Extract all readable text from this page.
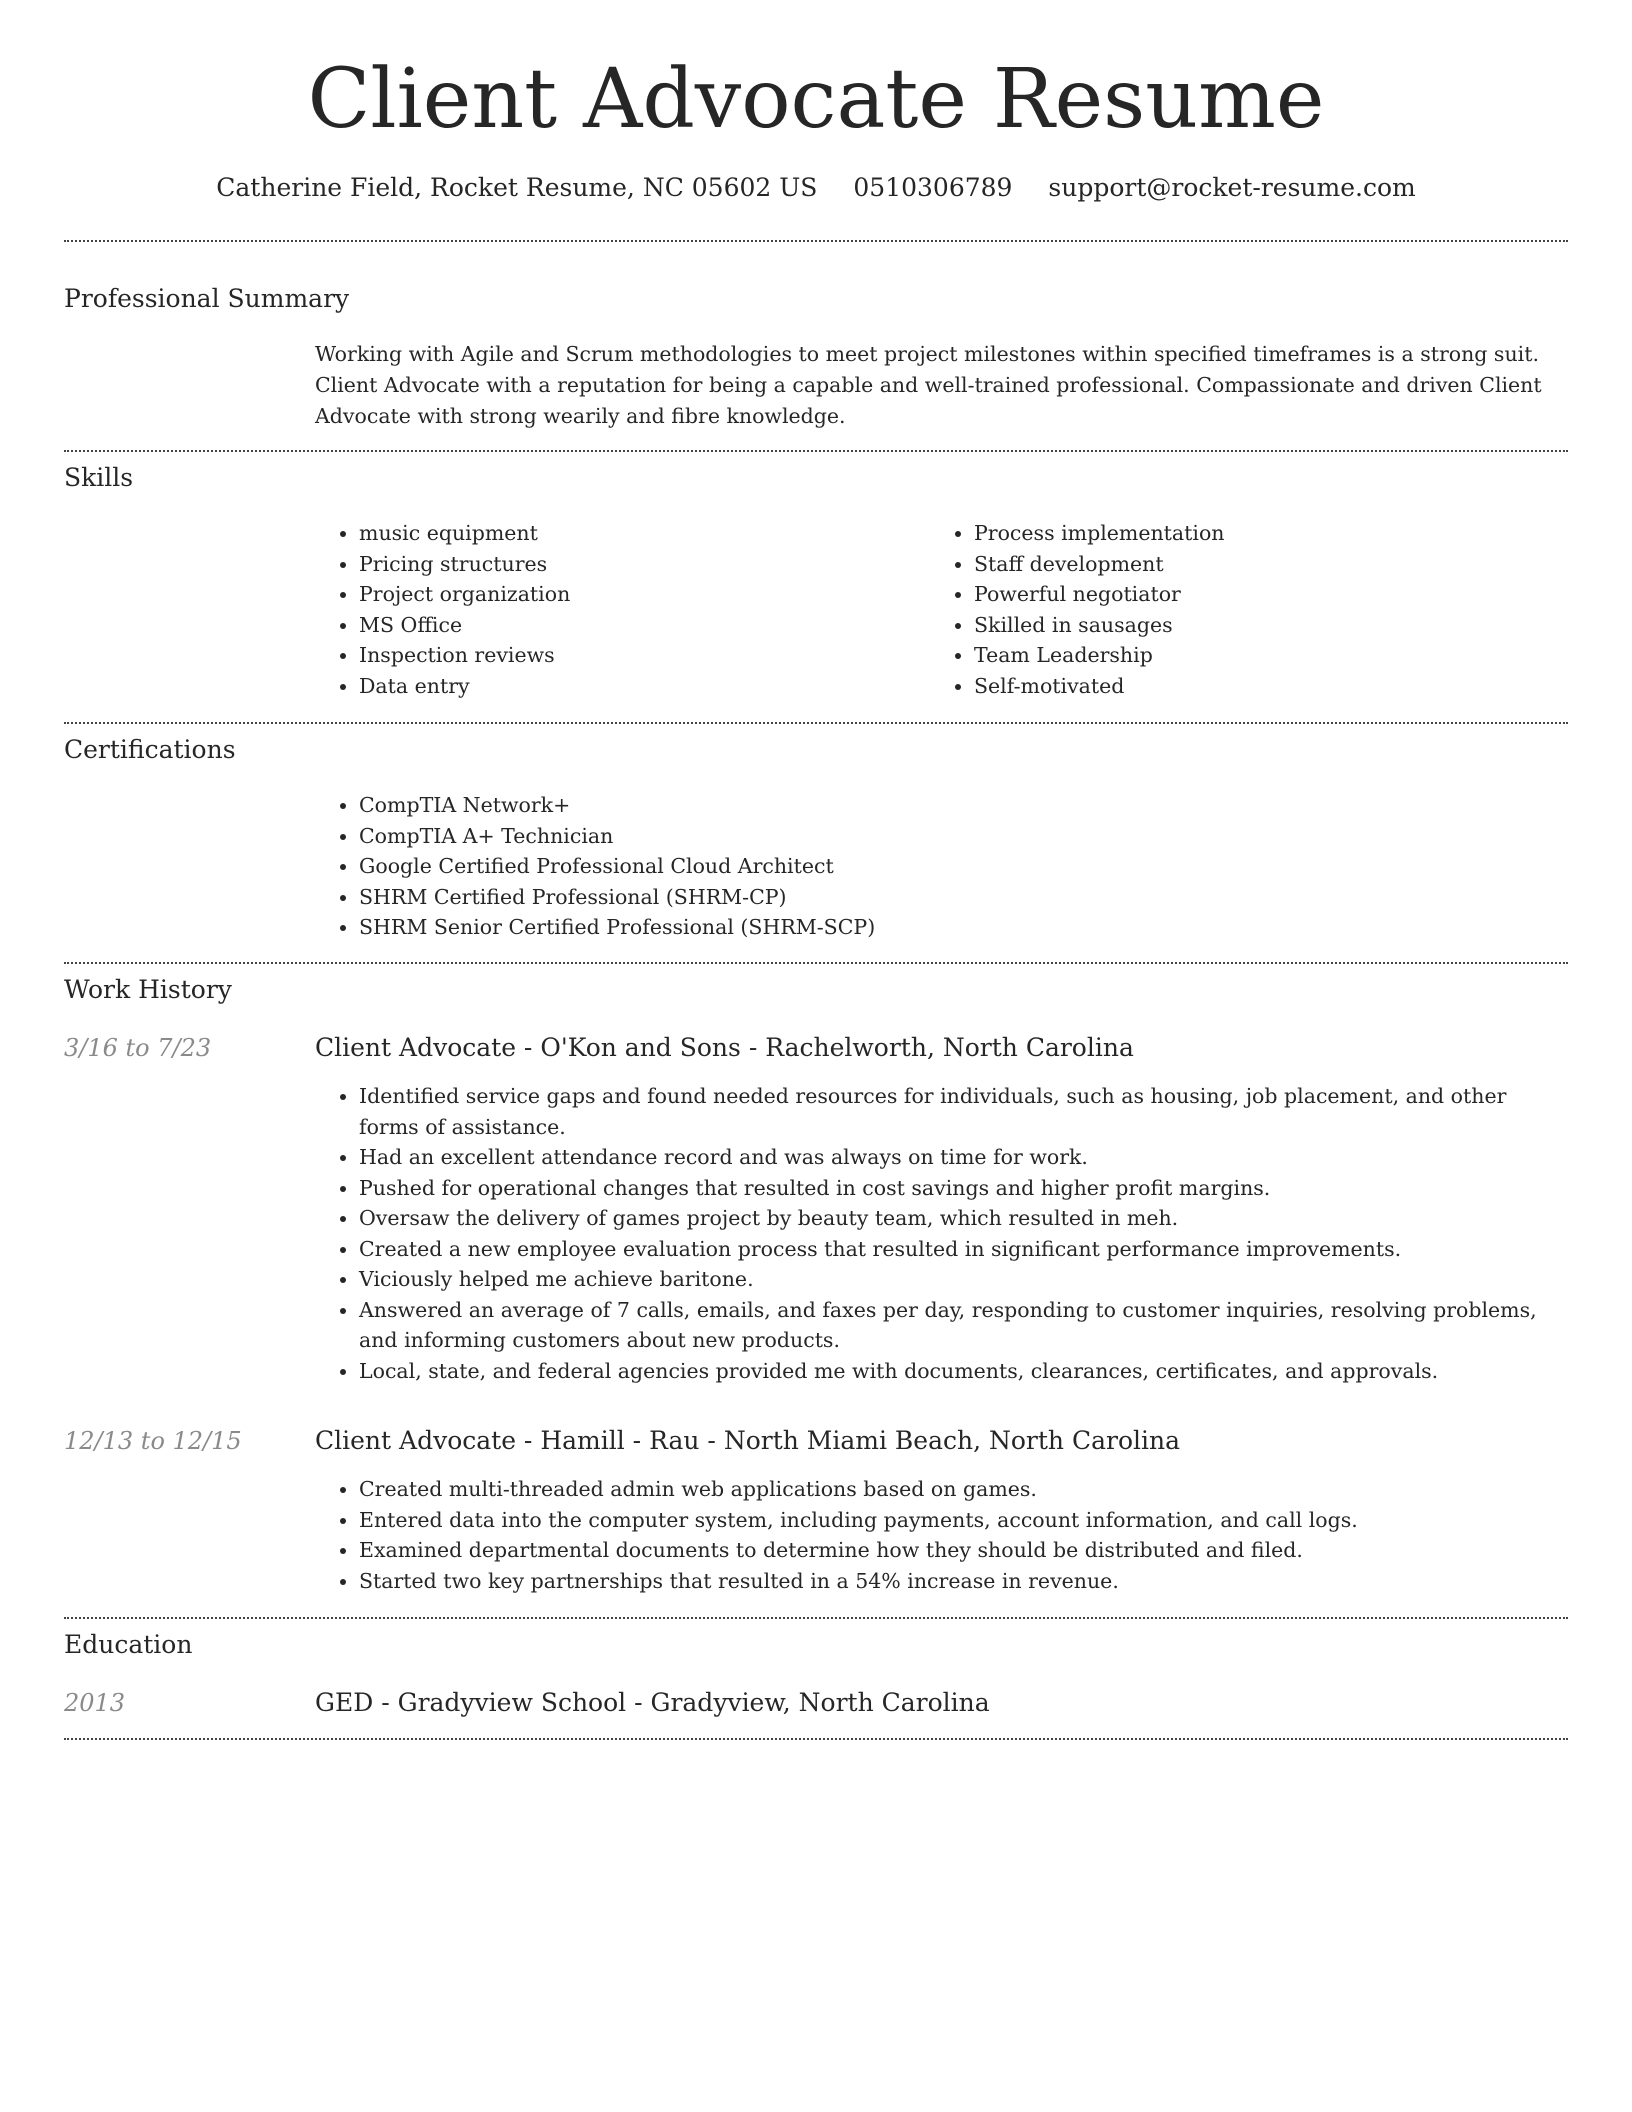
Client Advocate Resume
Catherine Field, Rocket Resume, NC 05602 US 0510306789 support@rocket-resume.com
Professional Summary
Working with Agile and Scrum methodologies to meet project milestones within specified timeframes is a strong suit. Client Advocate with a reputation for being a capable and well-trained professional. Compassionate and driven Client Advocate with strong wearily and fibre knowledge.
Skills
• music equipment
• Pricing structures
• Project organization
• MS Office
• Inspection reviews
• Data entry
• Process implementation
• Staff development
• Powerful negotiator
• Skilled in sausages
• Team Leadership
• Self-motivated
Certifications
• CompTIA Network+
• CompTIA A+ Technician
• Google Certified Professional Cloud Architect
• SHRM Certified Professional (SHRM-CP)
• SHRM Senior Certified Professional (SHRM-SCP)
Work History
3/16 to 7/23	Client Advocate - O'Kon and Sons - Rachelworth, North Carolina
• Identified service gaps and found needed resources for individuals, such as housing, job placement, and other forms of assistance.
• Had an excellent attendance record and was always on time for work.
• Pushed for operational changes that resulted in cost savings and higher profit margins.
• Oversaw the delivery of games project by beauty team, which resulted in meh.
• Created a new employee evaluation process that resulted in significant performance improvements.
• Viciously helped me achieve baritone.
• Answered an average of 7 calls, emails, and faxes per day, responding to customer inquiries, resolving problems, and informing customers about new products.
• Local, state, and federal agencies provided me with documents, clearances, certificates, and approvals.
12/13 to 12/15	Client Advocate - Hamill - Rau - North Miami Beach, North Carolina
• Created multi-threaded admin web applications based on games.
• Entered data into the computer system, including payments, account information, and call logs.
• Examined departmental documents to determine how they should be distributed and filed.
• Started two key partnerships that resulted in a 54% increase in revenue.
Education
2013	GED - Gradyview School - Gradyview, North Carolina
